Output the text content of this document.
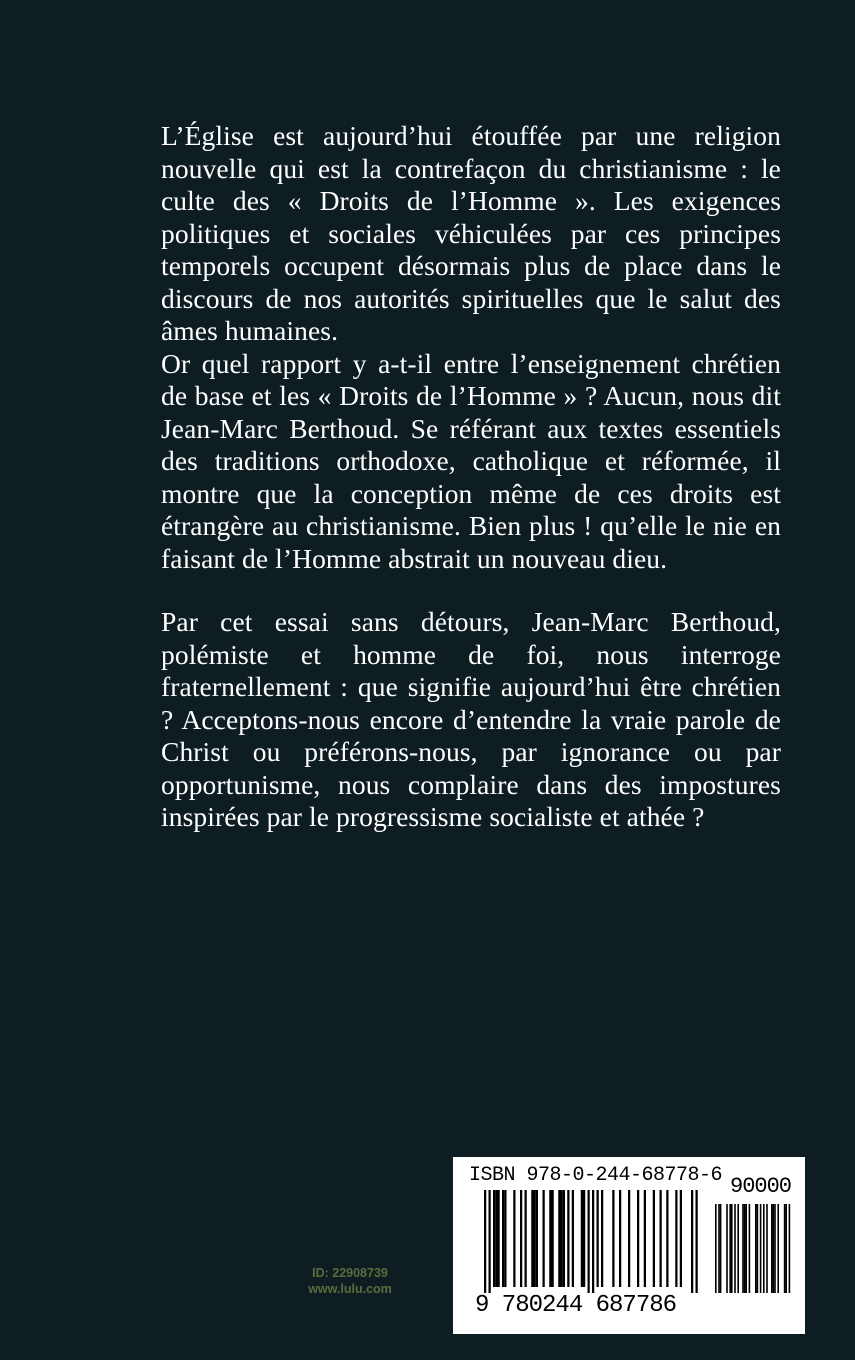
L’Église est aujourd’hui étouffée par une religion nouvelle qui est la contrefaçon du christianisme : le culte des « Droits de l’Homme ». Les exigences politiques et sociales véhiculées par ces principes temporels occupent désormais plus de place dans le discours de nos autorités spirituelles que le salut des âmes humaines.

Or quel rapport y a-t-il entre l’enseignement chrétien de base et les « Droits de l’Homme » ? Aucun, nous dit Jean-Marc Berthoud. Se référant aux textes essentiels des traditions orthodoxe, catholique et réformée, il montre que la conception même de ces droits est étrangère au christianisme. Bien plus ! qu’elle le nie en faisant de l’Homme abstrait un nouveau dieu.

Par cet essai sans détours, Jean-Marc Berthoud, polémiste et homme de foi, nous interroge fraternellement : que signifie aujourd’hui être chrétien ? Acceptons-nous encore d’entendre la vraie parole de Christ ou préférons-nous, par ignorance ou par opportunisme, nous complaire dans des impostures inspirées par le progressisme socialiste et athée ?

ID: 22908739
www.lulu.com
ISBN 978-0-244-68778-6 90000
9 780244 687786
